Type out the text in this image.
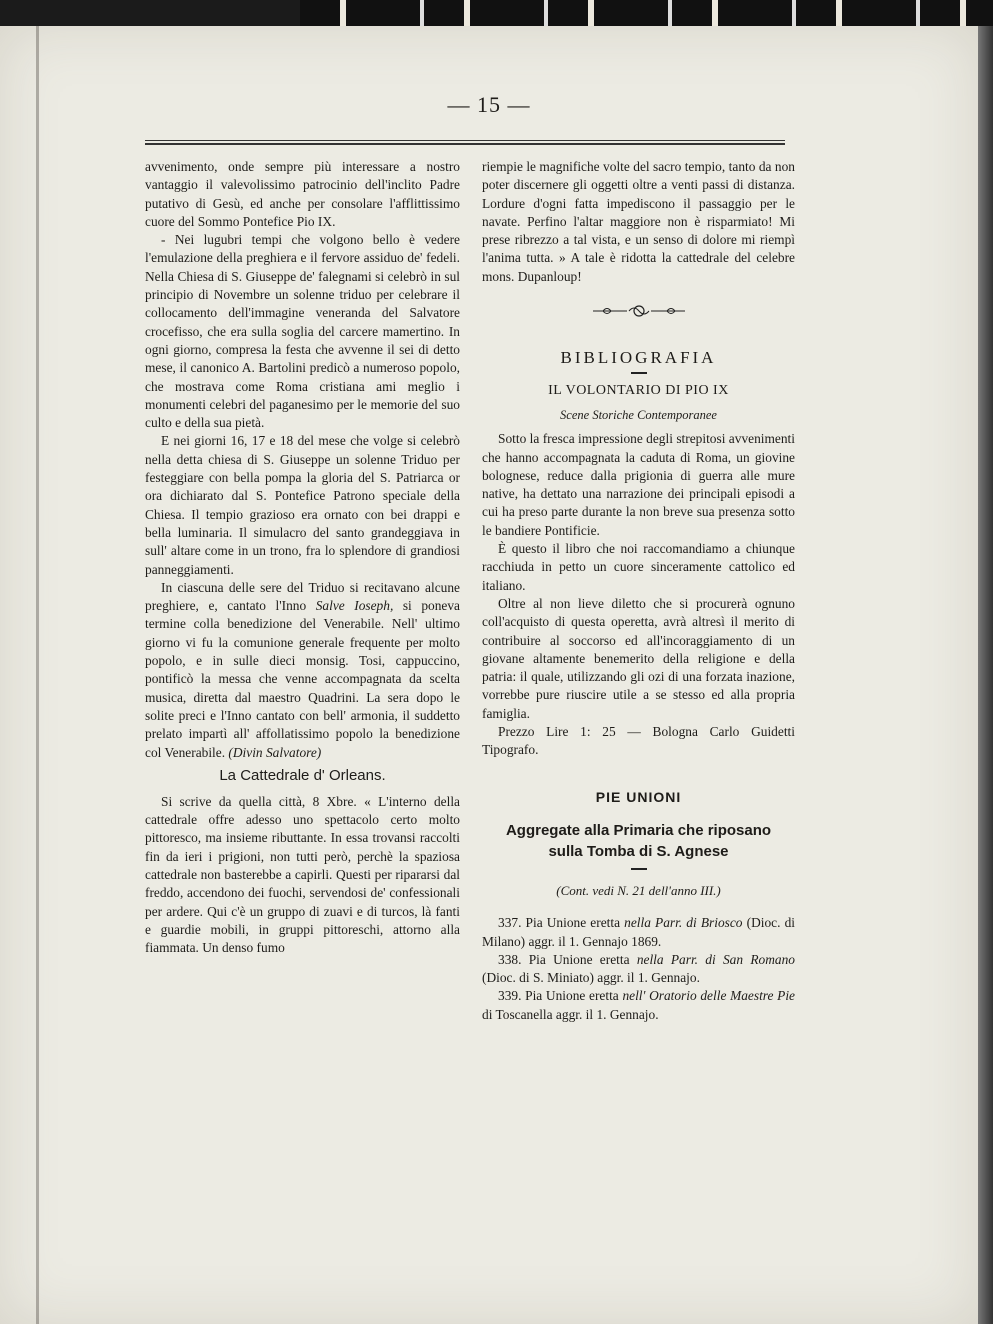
— 15 —

avvenimento, onde sempre più interessare a nostro vantaggio il valevolissimo patrocinio dell'inclito Padre putativo di Gesù, ed anche per consolare l'afflittissimo cuore del Sommo Pontefice Pio IX.

- Nei lugubri tempi che volgono bello è vedere l'emulazione della preghiera e il fervore assiduo de' fedeli. Nella Chiesa di S. Giuseppe de' falegnami si celebrò in sul principio di Novembre un solenne triduo per celebrare il collocamento dell'immagine veneranda del Salvatore crocefisso, che era sulla soglia del carcere mamertino. In ogni giorno, compresa la festa che avvenne il sei di detto mese, il canonico A. Bartolini predicò a numeroso popolo, che mostrava come Roma cristiana ami meglio i monumenti celebri del paganesimo per le memorie del suo culto e della sua pietà.

E nei giorni 16, 17 e 18 del mese che volge si celebrò nella detta chiesa di S. Giuseppe un solenne Triduo per festeggiare con bella pompa la gloria del S. Patriarca or ora dichiarato dal S. Pontefice Patrono speciale della Chiesa. Il tempio grazioso era ornato con bei drappi e bella luminaria. Il simulacro del santo grandeggiava in sull' altare come in un trono, fra lo splendore di grandiosi panneggiamenti.

In ciascuna delle sere del Triduo si recitavano alcune preghiere, e, cantato l'Inno Salve Ioseph, si poneva termine colla benedizione del Venerabile. Nell' ultimo giorno vi fu la comunione generale frequente per molto popolo, e in sulle dieci monsig. Tosi, cappuccino, pontificò la messa che venne accompagnata da scelta musica, diretta dal maestro Quadrini. La sera dopo le solite preci e l'Inno cantato con bell' armonia, il suddetto prelato impartì all' affollatissimo popolo la benedizione col Venerabile. (Divin Salvatore)

La Cattedrale d' Orleans.

Si scrive da quella città, 8 Xbre. « L'interno della cattedrale offre adesso uno spettacolo certo molto pittoresco, ma insieme ributtante. In essa trovansi raccolti fin da ieri i prigioni, non tutti però, perchè la spaziosa cattedrale non basterebbe a capirli. Questi per ripararsi dal freddo, accendono dei fuochi, servendosi de' confessionali per ardere. Qui c'è un gruppo di zuavi e di turcos, là fanti e guardie mobili, in gruppi pittoreschi, attorno alla fiammata. Un denso fumo

riempie le magnifiche volte del sacro tempio, tanto da non poter discernere gli oggetti oltre a venti passi di distanza. Lordure d'ogni fatta impediscono il passaggio per le navate. Perfino l'altar maggiore non è risparmiato! Mi prese ribrezzo a tal vista, e un senso di dolore mi riempì l'anima tutta. » A tale è ridotta la cattedrale del celebre mons. Dupanloup!

BIBLIOGRAFIA
IL VOLONTARIO DI PIO IX
Scene Storiche Contemporanee

Sotto la fresca impressione degli strepitosi avvenimenti che hanno accompagnata la caduta di Roma, un giovine bolognese, reduce dalla prigionia di guerra alle mure native, ha dettato una narrazione dei principali episodi a cui ha preso parte durante la non breve sua presenza sotto le bandiere Pontificie.

È questo il libro che noi raccomandiamo a chiunque racchiuda in petto un cuore sinceramente cattolico ed italiano.

Oltre al non lieve diletto che si procurerà ognuno coll'acquisto di questa operetta, avrà altresì il merito di contribuire al soccorso ed all'incoraggiamento di un giovane altamente benemerito della religione e della patria: il quale, utilizzando gli ozi di una forzata inazione, vorrebbe pure riuscire utile a se stesso ed alla propria famiglia.

Prezzo Lire 1: 25 — Bologna Carlo Guidetti Tipografo.

PIE UNIONI
Aggregate alla Primaria che riposano
sulla Tomba di S. Agnese
(Cont. vedi N. 21 dell'anno III.)

337. Pia Unione eretta nella Parr. di Briosco (Dioc. di Milano) aggr. il 1. Gennajo 1869.

338. Pia Unione eretta nella Parr. di San Romano (Dioc. di S. Miniato) aggr. il 1. Gennajo.

339. Pia Unione eretta nell' Oratorio delle Maestre Pie di Toscanella aggr. il 1. Gennajo.
